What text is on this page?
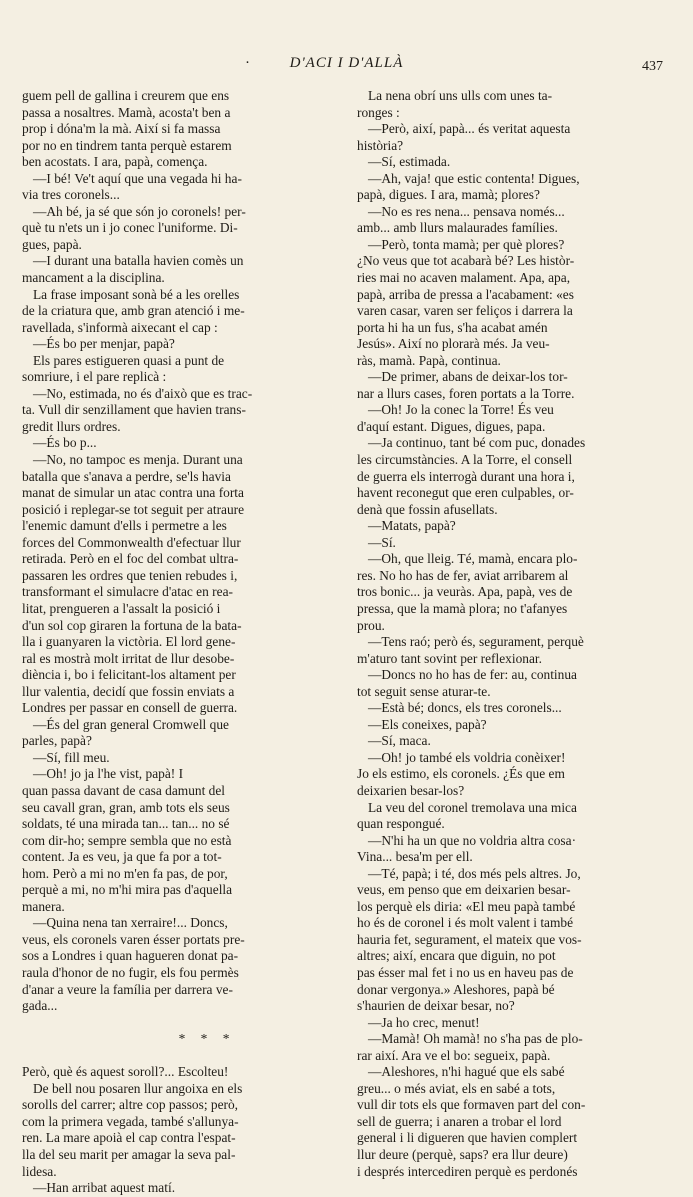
·	D'ACI I D'ALLÀ	437
guem pell de gallina i creurem que ens
passa a nosaltres. Mamà, acosta't ben a
prop i dóna'm la mà. Així si fa massa
por no en tindrem tanta perquè estarem
ben acostats. I ara, papà, comença.
—I bé! Ve't aquí que una vegada hi ha-
via tres coronels...
—Ah bé, ja sé que són jo coronels! per-
què tu n'ets un i jo conec l'uniforme. Di-
gues, papà.
—I durant una batalla havien comès un
mancament a la disciplina.
La frase imposant sonà bé a les orelles
de la criatura que, amb gran atenció i me-
ravellada, s'informà aixecant el cap :
—És bo per menjar, papà?
Els pares estigueren quasi a punt de
somriure, i el pare replicà :
—No, estimada, no és d'això que es trac-
ta. Vull dir senzillament que havien trans-
gredit llurs ordres.
—És bo p...
—No, no tampoc es menja. Durant una
batalla que s'anava a perdre, se'ls havia
manat de simular un atac contra una forta
posició i replegar-se tot seguit per atraure
l'enemic damunt d'ells i permetre a les
forces del Commonwealth d'efectuar llur
retirada. Però en el foc del combat ultra-
passaren les ordres que tenien rebudes i,
transformant el simulacre d'atac en rea-
litat, prengueren a l'assalt la posició i
d'un sol cop giraren la fortuna de la bata-
lla i guanyaren la victòria. El lord gene-
ral es mostrà molt irritat de llur desobe-
diència i, bo i felicitant-los altament per
llur valentia, decidí que fossin enviats a
Londres per passar en consell de guerra.
—És del gran general Cromwell que
parles, papà?
—Sí, fill meu.
—Oh! jo ja l'he vist, papà! I
quan passa davant de casa damunt del
seu cavall gran, gran, amb tots els seus
soldats, té una mirada tan... tan... no sé
com dir-ho; sempre sembla que no està
content. Ja es veu, ja que fa por a tot-
hom. Però a mi no m'en fa pas, de por,
perquè a mi, no m'hi mira pas d'aquella
manera.
—Quina nena tan xerraire!... Doncs,
veus, els coronels varen ésser portats pre-
sos a Londres i quan hagueren donat pa-
raula d'honor de no fugir, els fou permès
d'anar a veure la família per darrera ve-
gada...
* * *
Però, què és aquest soroll?... Escolteu!
De bell nou posaren llur angoixa en els
sorolls del carrer; altre cop passos; però,
com la primera vegada, també s'allunya-
ren. La mare apoià el cap contra l'espat-
lla del seu marit per amagar la seva pal-
lidesa.
—Han arribat aquest matí.
La nena obrí uns ulls com unes ta-
ronges :
—Però, així, papà... és veritat aquesta
història?
—Sí, estimada.
—Ah, vaja! que estic contenta! Digues,
papà, digues. I ara, mamà; plores?
—No es res nena... pensava només...
amb... amb llurs malaurades famílies.
—Però, tonta mamà; per què plores?
¿No veus que tot acabarà bé? Les històr-
ries mai no acaven malament. Apa, apa,
papà, arriba de pressa a l'acabament: «es
varen casar, varen ser feliços i darrera la
porta hi ha un fus, s'ha acabat amén
Jesús». Així no plorarà més. Ja veu-
ràs, mamà. Papà, continua.
—De primer, abans de deixar-los tor-
nar a llurs cases, foren portats a la Torre.
—Oh! Jo la conec la Torre! És veu
d'aquí estant. Digues, digues, papa.
—Ja continuo, tant bé com puc, donades
les circumstàncies. A la Torre, el consell
de guerra els interrogà durant una hora i,
havent reconegut que eren culpables, or-
denà que fossin afusellats.
—Matats, papà?
—Sí.
—Oh, que lleig. Té, mamà, encara plo-
res. No ho has de fer, aviat arribarem al
tros bonic... ja veuràs. Apa, papà, ves de
pressa, que la mamà plora; no t'afanyes
prou.
—Tens raó; però és, segurament, perquè
m'aturo tant sovint per reflexionar.
—Doncs no ho has de fer: au, continua
tot seguit sense aturar-te.
—Està bé; doncs, els tres coronels...
—Els coneixes, papà?
—Sí, maca.
—Oh! jo també els voldria conèixer!
Jo els estimo, els coronels. ¿És que em
deixarien besar-los?
La veu del coronel tremolava una mica
quan respongué.
—N'hi ha un que no voldria altra cosa·
Vina... besa'm per ell.
—Té, papà; i té, dos més pels altres. Jo,
veus, em penso que em deixarien besar-
los perquè els diria: «El meu papà també
ho és de coronel i és molt valent i també
hauria fet, segurament, el mateix que vos-
altres; així, encara que diguin, no pot
pas ésser mal fet i no us en haveu pas de
donar vergonya.» Aleshores, papà bé
s'haurien de deixar besar, no?
—Ja ho crec, menut!
—Mamà! Oh mamà! no s'ha pas de plo-
rar així. Ara ve el bo: segueix, papà.
—Aleshores, n'hi hagué que els sabé
greu... o més aviat, els en sabé a tots,
vull dir tots els que formaven part del con-
sell de guerra; i anaren a trobar el lord
general i li digueren que havien complert
llur deure (perquè, saps? era llur deure)
i després intercediren perquè es perdonés
